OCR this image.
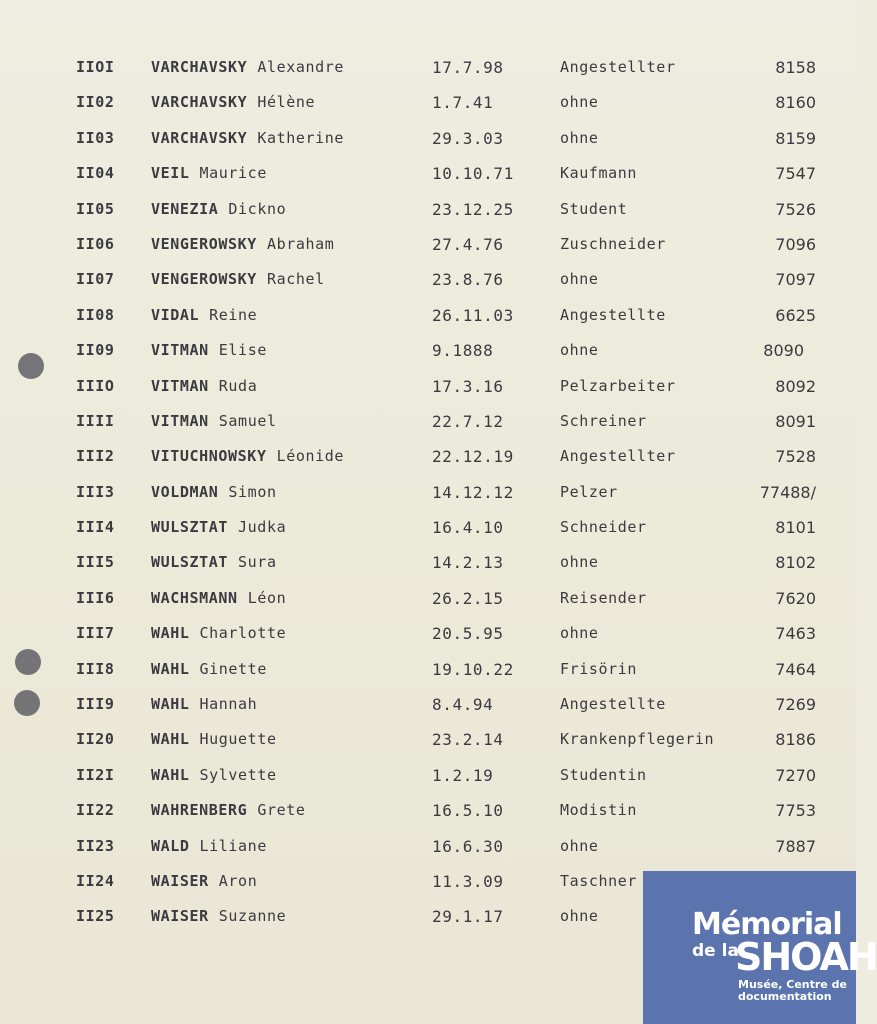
IIOI VARCHAVSKY Alexandre	17.7.98	Angestellter	8158
II02 VARCHAVSKY Hélène	1.7.41	ohne	8160
II03 VARCHAVSKY Katherine	29.3.03	ohne	8159
II04 VEIL Maurice	10.10.71	Kaufmann	7547
II05 VENEZIA Dickno	23.12.25	Student	7526
II06 VENGEROWSKY Abraham	27.4.76	Zuschneider	7096
II07 VENGEROWSKY Rachel	23.8.76	ohne	7097
II08 VIDAL Reine	26.11.03	Angestellte	6625
II09 VITMAN Elise	9.1888	ohne	8090
IIIO VITMAN Ruda	17.3.16	Pelzarbeiter	8092
IIII VITMAN Samuel	22.7.12	Schreiner	8091
III2 VITUCHNOWSKY Léonide	22.12.19	Angestellter	7528
III3 VOLDMAN Simon	14.12.12	Pelzer	77488/
III4 WULSZTAT Judka	16.4.10	Schneider	8101
III5 WULSZTAT Sura	14.2.13	ohne	8102
III6 WACHSMANN Léon	26.2.15	Reisender	7620
III7 WAHL Charlotte	20.5.95	ohne	7463
III8 WAHL Ginette	19.10.22	Frisörin	7464
III9 WAHL Hannah	8.4.94	Angestellte	7269
II20 WAHL Huguette	23.2.14	Krankenpflegerin	8186
II2I WAHL Sylvette	1.2.19	Studentin	7270
II22 WAHRENBERG Grete	16.5.10	Modistin	7753
II23 WALD Liliane	16.6.30	ohne	7887
II24 WAISER Aron	11.3.09	Taschner
II25 WAISER Suzanne	29.1.17	ohne	Mémorial
de la
SHOAH
Musée, Centre de documentation
